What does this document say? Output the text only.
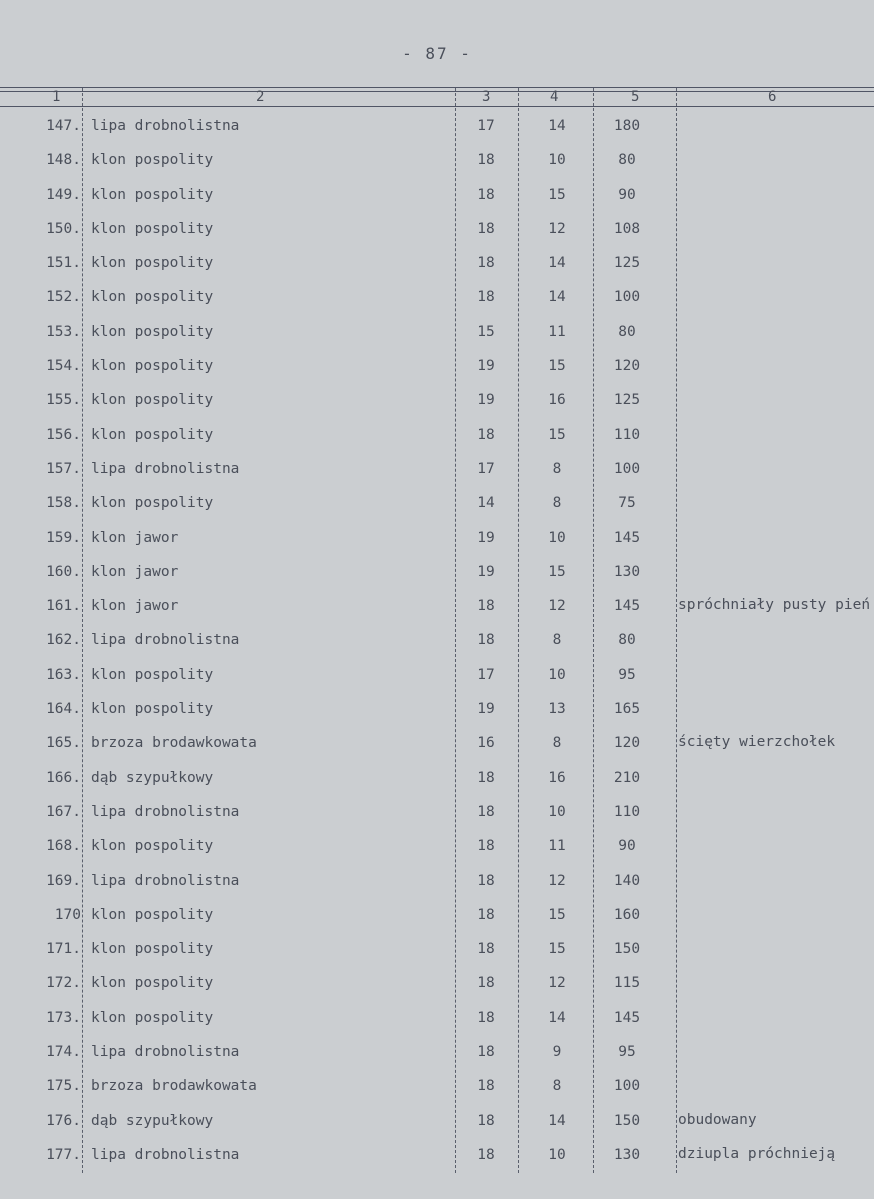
- 87 -
1	2	3	4	5	6
147. lipa drobnolistna	17	14	180
148. klon pospolity	18	10	80
149. klon pospolity	18	15	90
150. klon pospolity	18	12	108
151. klon pospolity	18	14	125
152. klon pospolity	18	14	100
153. klon pospolity	15	11	80
154. klon pospolity	19	15	120
155. klon pospolity	19	16	125
156. klon pospolity	18	15	110
157. lipa drobnolistna	17	8	100
158. klon pospolity	14	8	75
159. klon jawor	19	10	145
160. klon jawor	19	15	130
161. klon jawor	18	12	145	spróchniały pusty pień
162. lipa drobnolistna	18	8	80
163. klon pospolity	17	10	95
164. klon pospolity	19	13	165
165. brzoza brodawkowata	16	8	120	ścięty wierzchołek
166. dąb szypułkowy	18	16	210
167. lipa drobnolistna	18	10	110
168. klon pospolity	18	11	90
169. lipa drobnolistna	18	12	140
170 klon pospolity	18	15	160
171. klon pospolity	18	15	150
172. klon pospolity	18	12	115
173. klon pospolity	18	14	145
174. lipa drobnolistna	18	9	95
175. brzoza brodawkowata	18	8	100
176. dąb szypułkowy	18	14	150	obudowany
177. lipa drobnolistna	18	10	130	dziupla próchnieją
